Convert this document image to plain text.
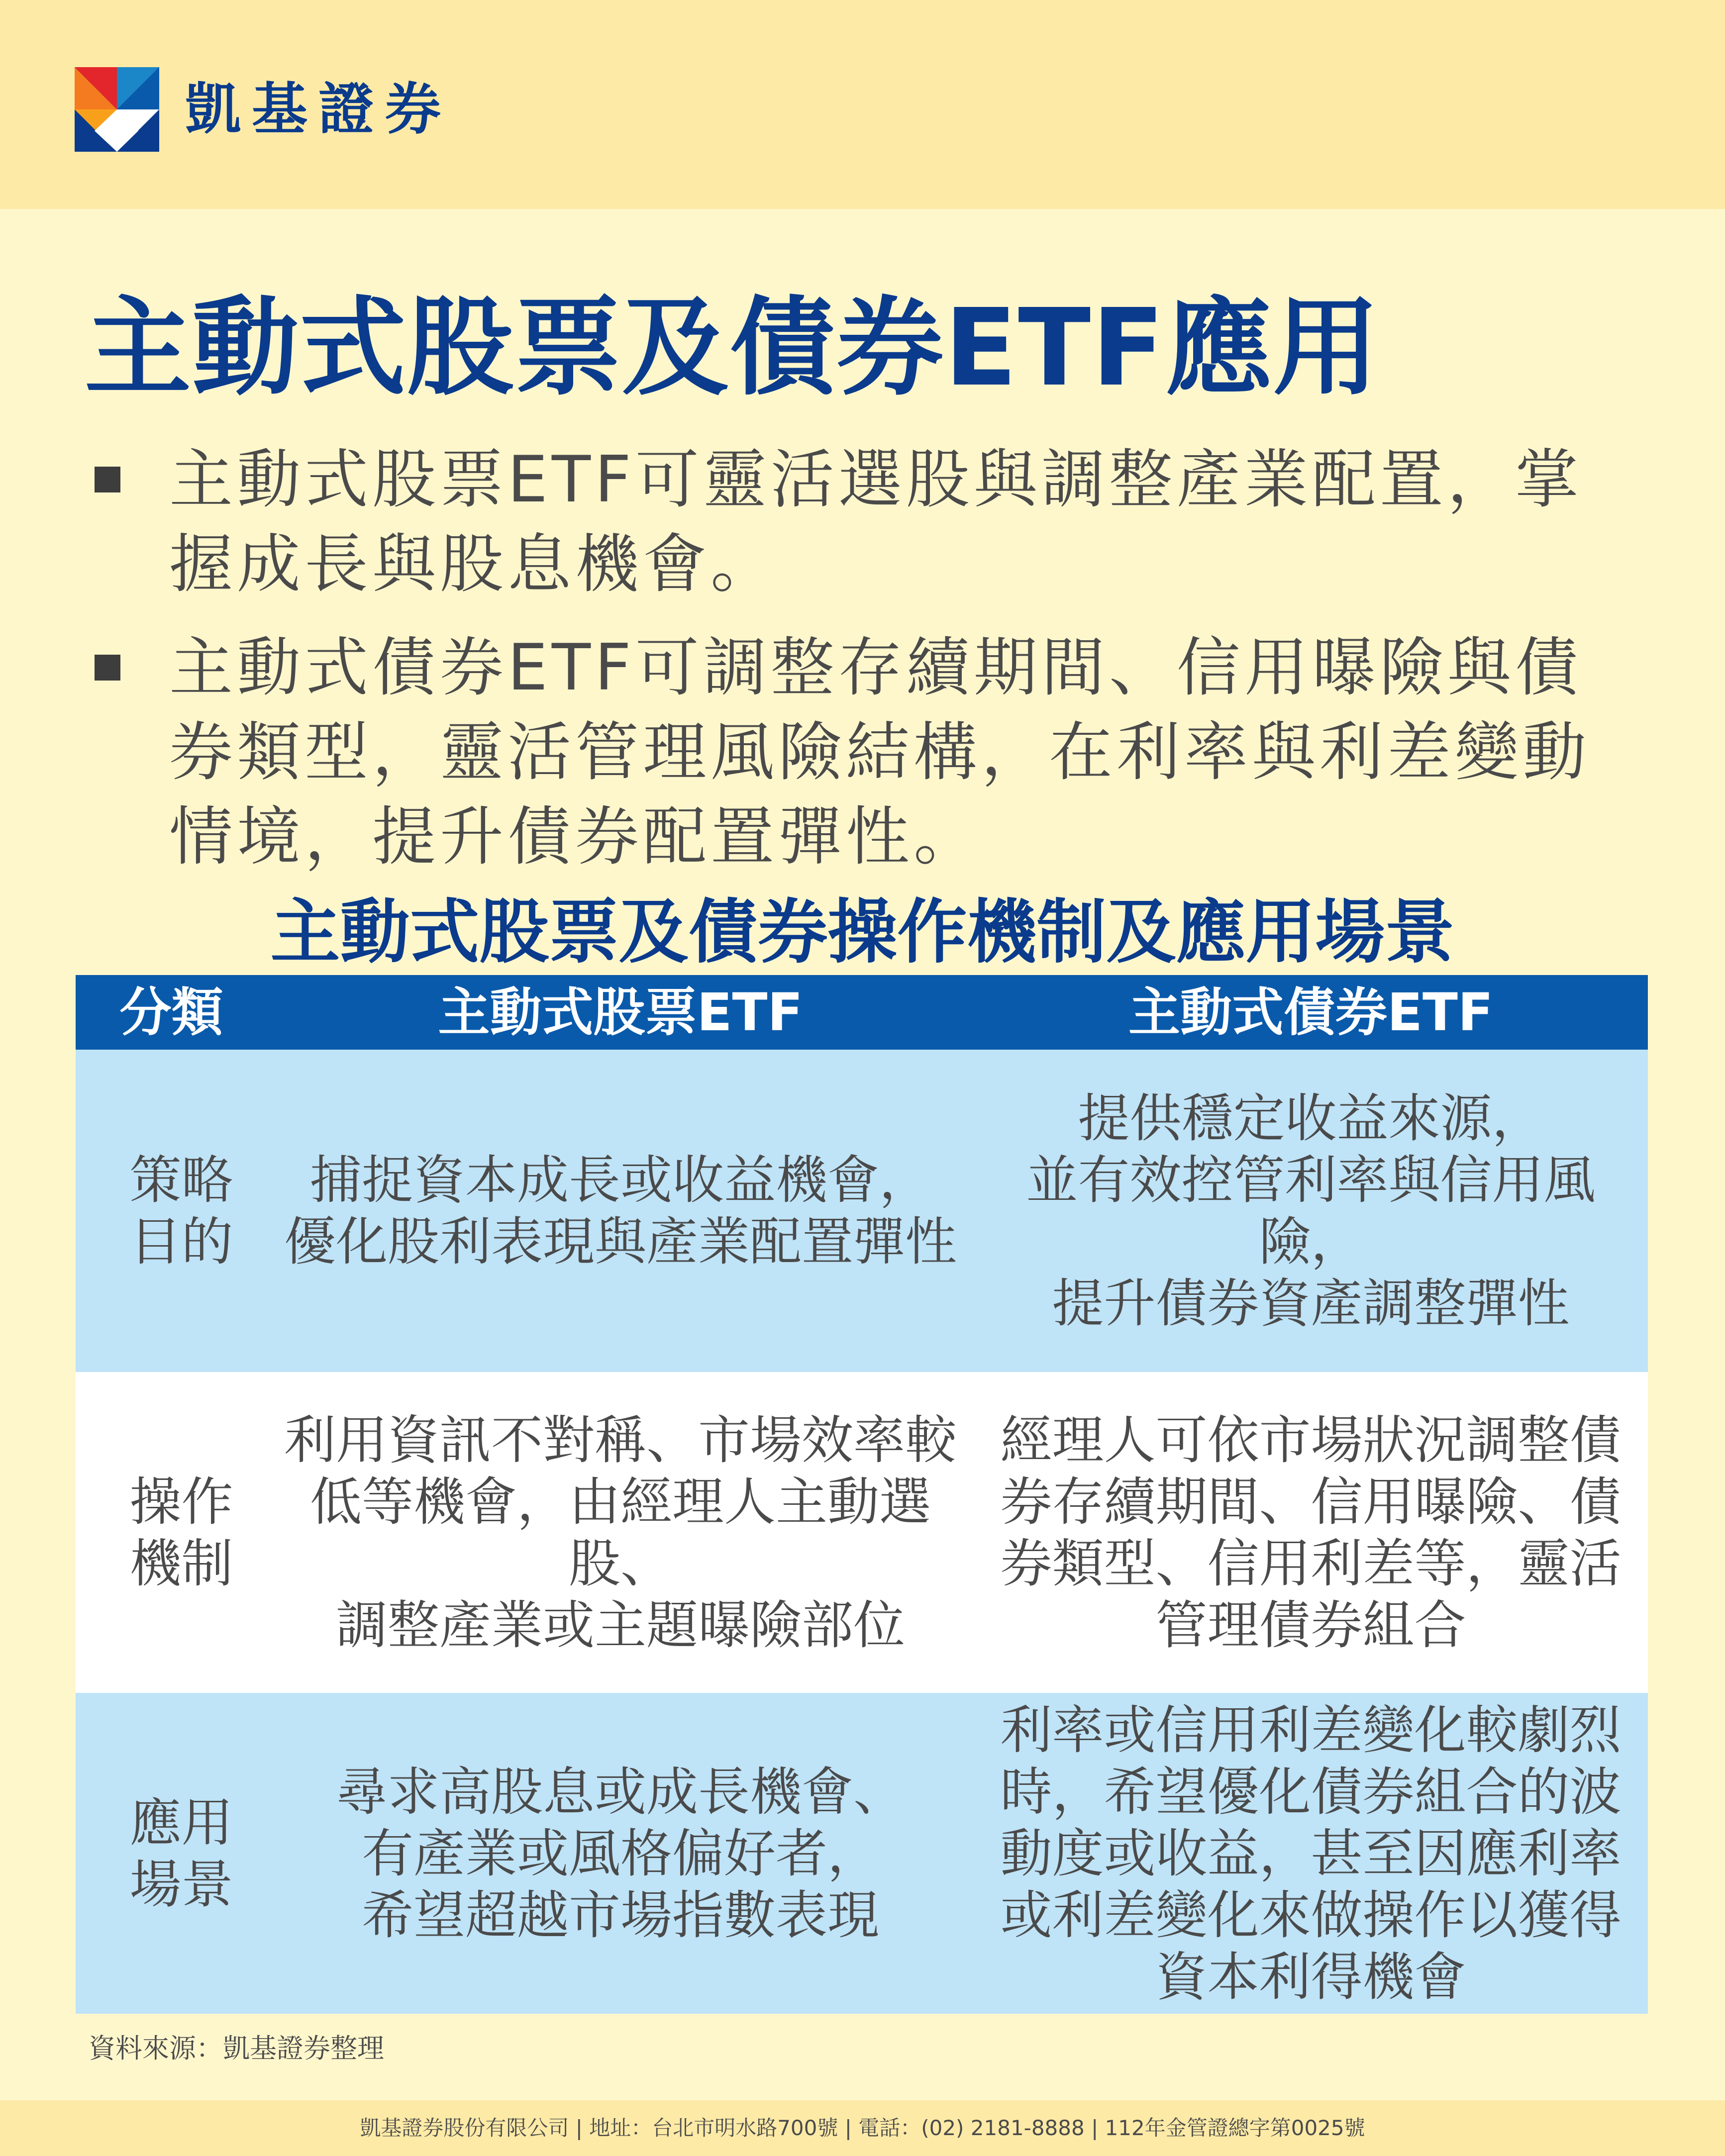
凱基證券
主動式股票及債券ETF應用
主動式股票ETF可靈活選股與調整產業配置，掌
握成長與股息機會。
主動式債券ETF可調整存續期間、信用曝險與債
券類型，靈活管理風險結構，在利率與利差變動
情境，提升債券配置彈性。
主動式股票及債券操作機制及應用場景
分類	主動式股票ETF	主動式債券ETF
策略
目的
捕捉資本成長或收益機會，
優化股利表現與產業配置彈性
提供穩定收益來源，
並有效控管利率與信用風險，
提升債券資產調整彈性
操作
機制
利用資訊不對稱、市場效率較
低等機會，由經理人主動選股、
調整產業或主題曝險部位
經理人可依市場狀況調整債
券存續期間、信用曝險、債
券類型、信用利差等，靈活
管理債券組合
應用
場景
尋求高股息或成長機會、
有產業或風格偏好者，
希望超越市場指數表現
利率或信用利差變化較劇烈
時，希望優化債券組合的波
動度或收益，甚至因應利率
或利差變化來做操作以獲得
資本利得機會
資料來源：凱基證券整理
凱基證券股份有限公司 | 地址：台北市明水路700號 | 電話：(02) 2181-8888 | 112年金管證總字第0025號
